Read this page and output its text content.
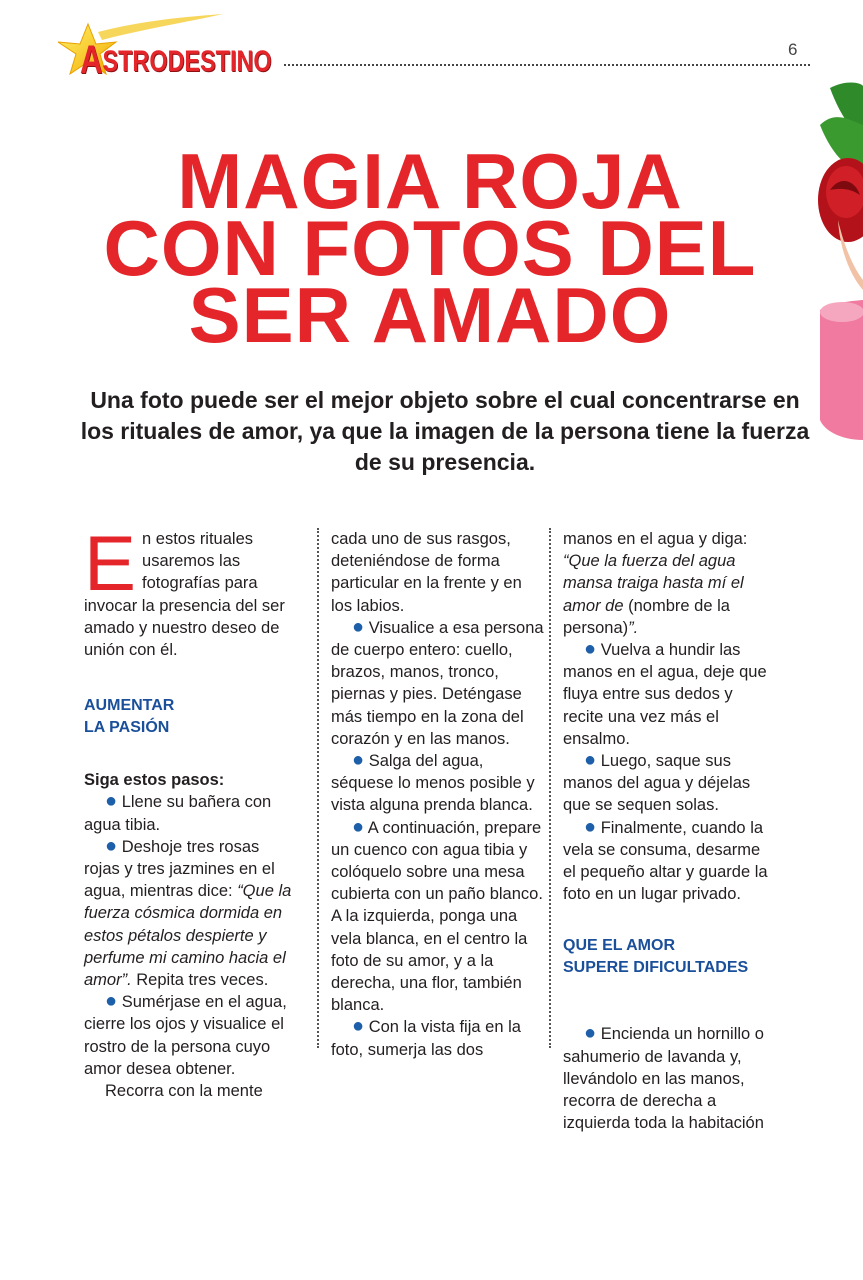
ASTRODESTINO	6
MAGIA ROJA
CON FOTOS DEL
SER AMADO
Una foto puede ser el mejor objeto sobre el cual concentrarse en los rituales de amor, ya que la imagen de la persona tiene la fuerza de su presencia.

En estos rituales usaremos las fotografías para invocar la presencia del ser amado y nuestro deseo de unión con él.

AUMENTAR
LA PASIÓN

Siga estos pasos:

● Llene su bañera con agua tibia.

● Deshoje tres rosas rojas y tres jazmines en el agua, mientras dice: “Que la fuerza cósmica dormida en estos pétalos despierte y perfume mi camino hacia el amor”. Repita tres veces.

● Sumérjase en el agua, cierre los ojos y visualice el rostro de la persona cuyo amor desea obtener.

Recorra con la mente

cada uno de sus rasgos, deteniéndose de forma particular en la frente y en los labios.

● Visualice a esa persona de cuerpo entero: cuello, brazos, manos, tronco, piernas y pies. Deténgase más tiempo en la zona del corazón y en las manos.

● Salga del agua, séquese lo menos posible y vista alguna prenda blanca.

● A continuación, prepare un cuenco con agua tibia y colóquelo sobre una mesa cubierta con un paño blanco. A la izquierda, ponga una vela blanca, en el centro la foto de su amor, y a la derecha, una flor, también blanca.

● Con la vista fija en la foto, sumerja las dos

manos en el agua y diga: “Que la fuerza del agua mansa traiga hasta mí el amor de (nombre de la persona)”.

● Vuelva a hundir las manos en el agua, deje que fluya entre sus dedos y recite una vez más el ensalmo.

● Luego, saque sus manos del agua y déjelas que se sequen solas.

● Finalmente, cuando la vela se consuma, desarme el pequeño altar y guarde la foto en un lugar privado.

QUE EL AMOR
SUPERE DIFICULTADES

● Encienda un hornillo o sahumerio de lavanda y, llevándolo en las manos, recorra de derecha a izquierda toda la habitación
